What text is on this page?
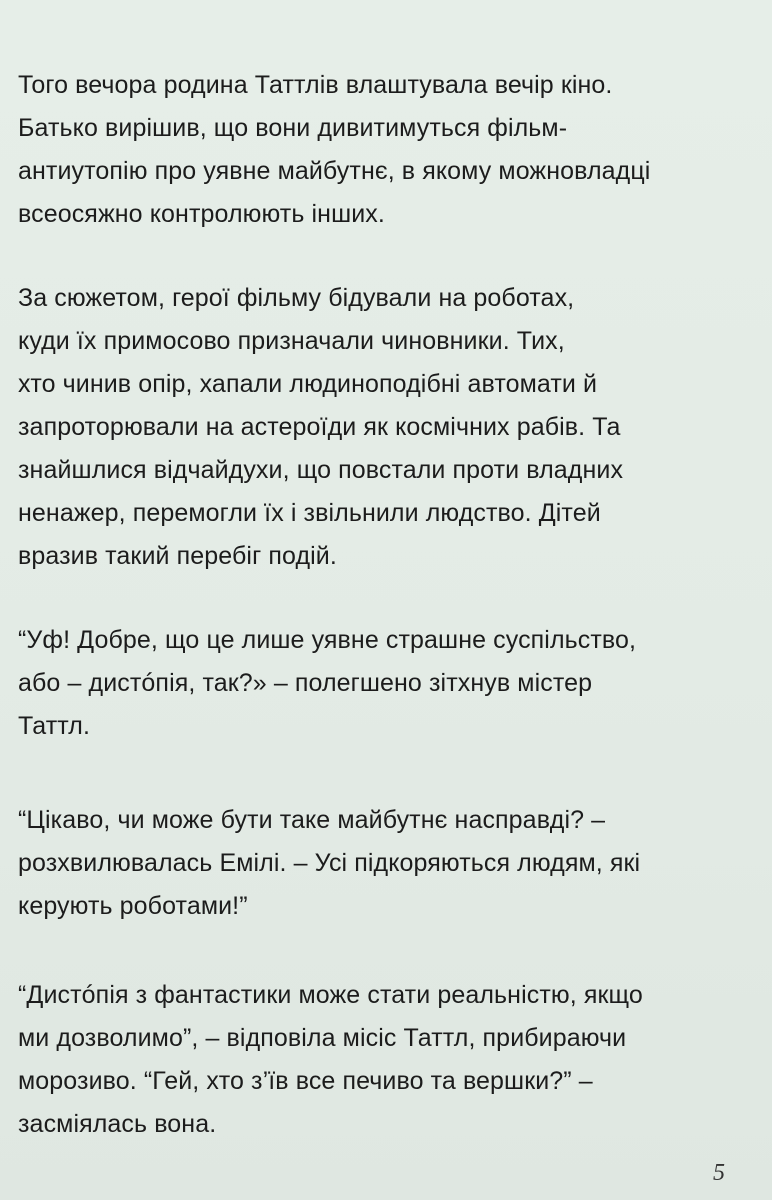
Того вечора родина Таттлів влаштувала вечір кіно.
Батько вирішив, що вони дивитимуться фільм-
антиутопію про уявне майбутнє, в якому можновладці
всеосяжно контролюють інших.
За сюжетом, герої фільму бідували на роботах,
куди їх примосово призначали чиновники. Тих,
хто чинив опір, хапали людиноподібні автомати й
запроторювали на астероїди як космічних рабів. Та
знайшлися відчайдухи, що повстали проти владних
ненажер, перемогли їх і звільнили людство. Дітей
вразив такий перебіг подій.
“Уф! Добре, що це лише уявне страшне суспільство,
або – дистóпія, так?» – полегшено зітхнув містер
Таттл.
“Цікаво, чи може бути таке майбутнє насправді? –
розхвилювалась Емілі. – Усі підкоряються людям, які
керують роботами!”
“Дистóпія з фантастики може стати реальністю, якщо
ми дозволимо”, – відповіла місіс Таттл, прибираючи
морозиво. “Гей, хто з’їв все печиво та вершки?” –
засміялась вона.
5
